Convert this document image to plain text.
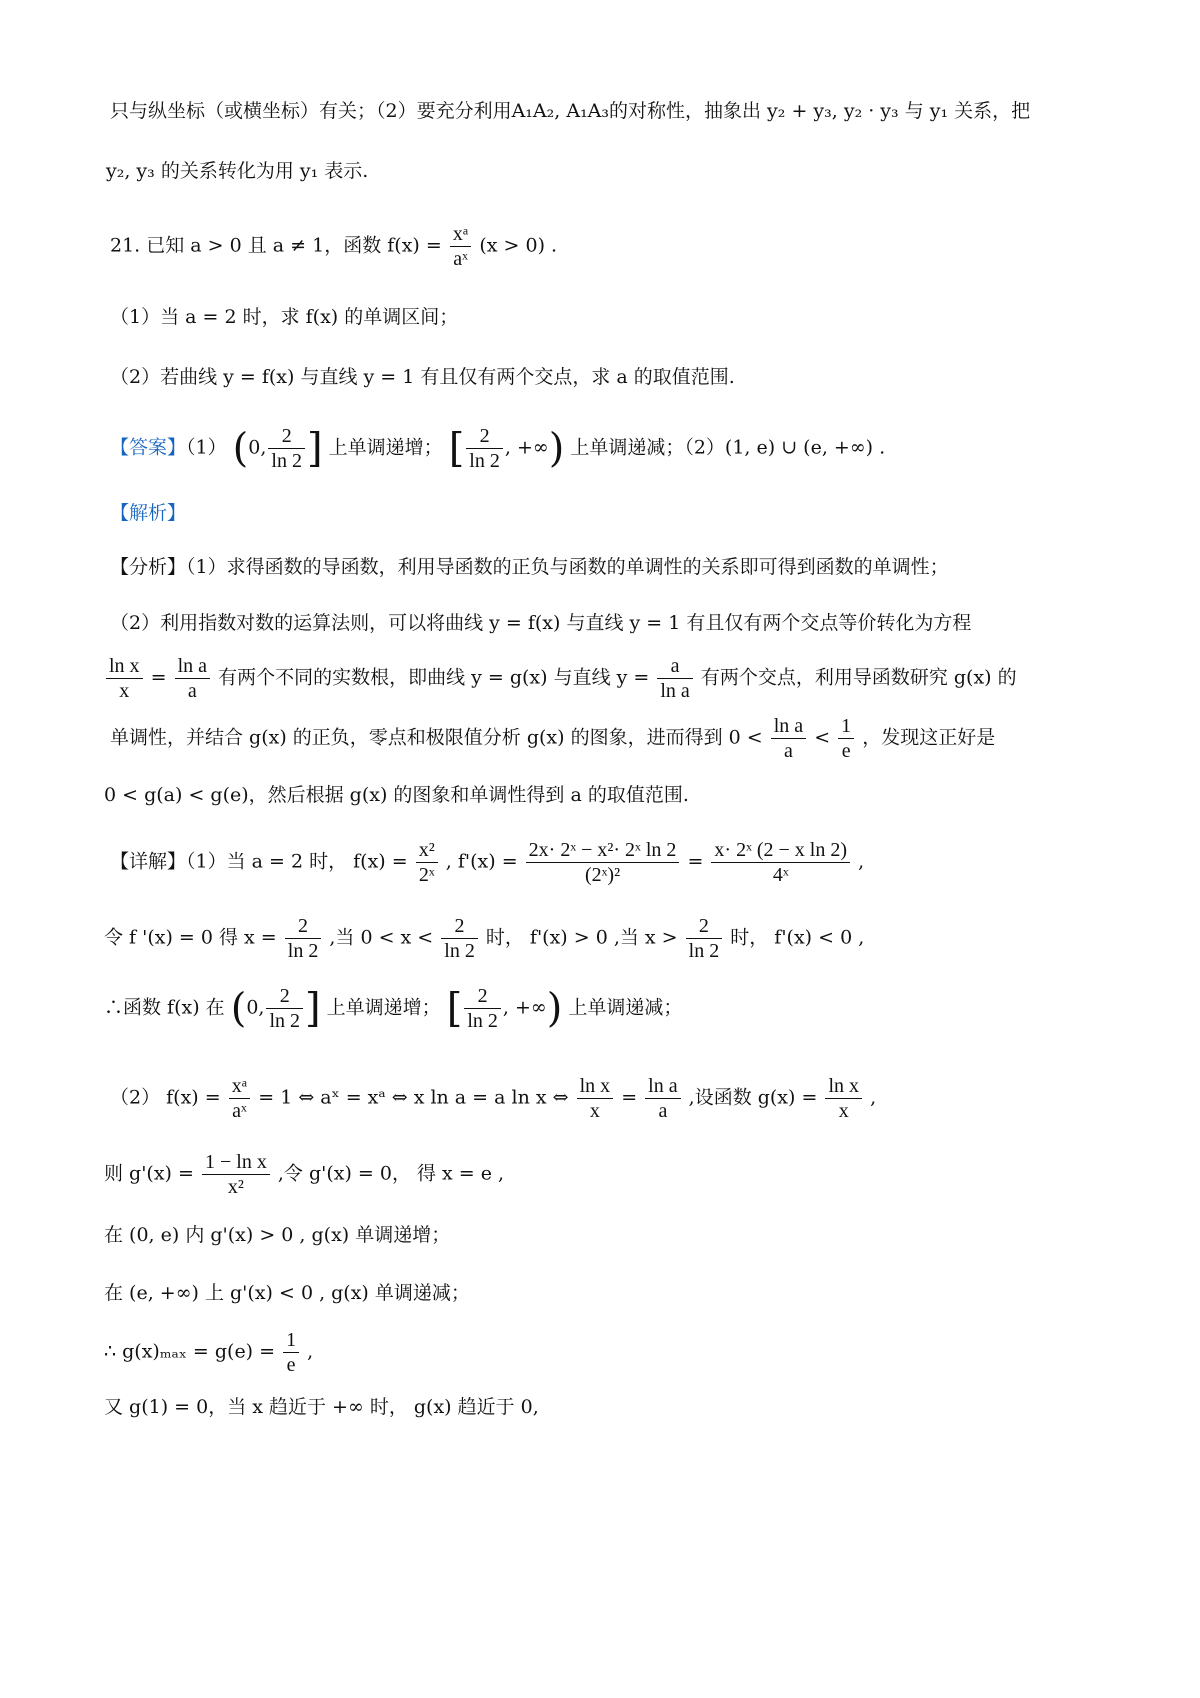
只与纵坐标（或横坐标）有关；（2）要充分利用A₁A₂, A₁A₃的对称性，抽象出 y₂ + y₃, y₂ · y₃ 与 y₁ 关系，把
y₂, y₃ 的关系转化为用 y₁ 表示.
21. 已知 a > 0 且 a ≠ 1，函数 $f(x) = \frac{\text{xᵃ}}{\text{aˣ}} (x > 0)$ .
（1）当 a = 2 时，求 f(x) 的单调区间；
（2）若曲线 y = f(x) 与直线 y = 1 有且仅有两个交点，求 a 的取值范围.
【答案】（1） (0, $\frac{2}{\ln 2}$ ] 上单调递增； [ $\frac{2}{\ln 2}$ , +∞) 上单调递减；（2）(1, e) ∪ (e, +∞) .
【解析】
【分析】（1）求得函数的导函数，利用导函数的正负与函数的单调性的关系即可得到函数的单调性；
（2）利用指数对数的运算法则，可以将曲线 y = f(x) 与直线 y = 1 有且仅有两个交点等价转化为方程
$\frac{\text{ln x}}{x} = \frac{\text{ln a}}{a}$ 有两个不同的实数根，即曲线 y = g(x) 与直线 $y = \frac{a}{\text{ln a}}$ 有两个交点，利用导函数研究 g(x) 的
单调性，并结合 g(x) 的正负，零点和极限值分析 g(x) 的图象，进而得到 $0 < \frac{\text{ln a}}{a} < \frac{1}{e}$ ，发现这正好是
0 < g(a) < g(e)，然后根据 g(x) 的图象和单调性得到 a 的取值范围.
【详解】（1）当 a = 2 时， $f(x) = \frac{\text{x²}}{\text{2ˣ}}$ , $f'(x) = \frac{\text{2x· 2ˣ − x²· 2ˣ ln 2}}{\text{(2ˣ)²}} = \frac{\text{x· 2ˣ (2 − x ln 2)}}{\text{4ˣ}}$ ,
令 f '(x) = 0 得 $x = \frac{2}{\ln 2}$ ,当 $0 < x < \frac{2}{\ln 2}$ 时， f'(x) > 0 ,当 $x > \frac{2}{\ln 2}$ 时， f'(x) < 0 ,
∴函数 f(x) 在 (0, $\frac{2}{\ln 2}$ ] 上单调递增； [ $\frac{2}{\ln 2}$ , +∞) 上单调递减；
（2） $f(x) = \frac{\text{xᵃ}}{\text{aˣ}} = 1$ ⇔ aˣ = xᵃ ⇔ x ln a = a ln x ⇔ $\frac{\text{ln x}}{x} = \frac{\text{ln a}}{a}$ ,设函数 $g(x) = \frac{\text{ln x}}{x}$ ,
则 $g'(x) = \frac{\text{1 − ln x}}{\text{x²}}$ ,令 g'(x) = 0， 得 x = e ,
在 (0, e) 内 g'(x) > 0 , g(x) 单调递增；
在 (e, +∞) 上 g'(x) < 0 , g(x) 单调递减；
∴ $g(x)_{max} = g(e) = \frac{1}{e}$ ,
又 g(1) = 0，当 x 趋近于 +∞ 时， g(x) 趋近于 0,
